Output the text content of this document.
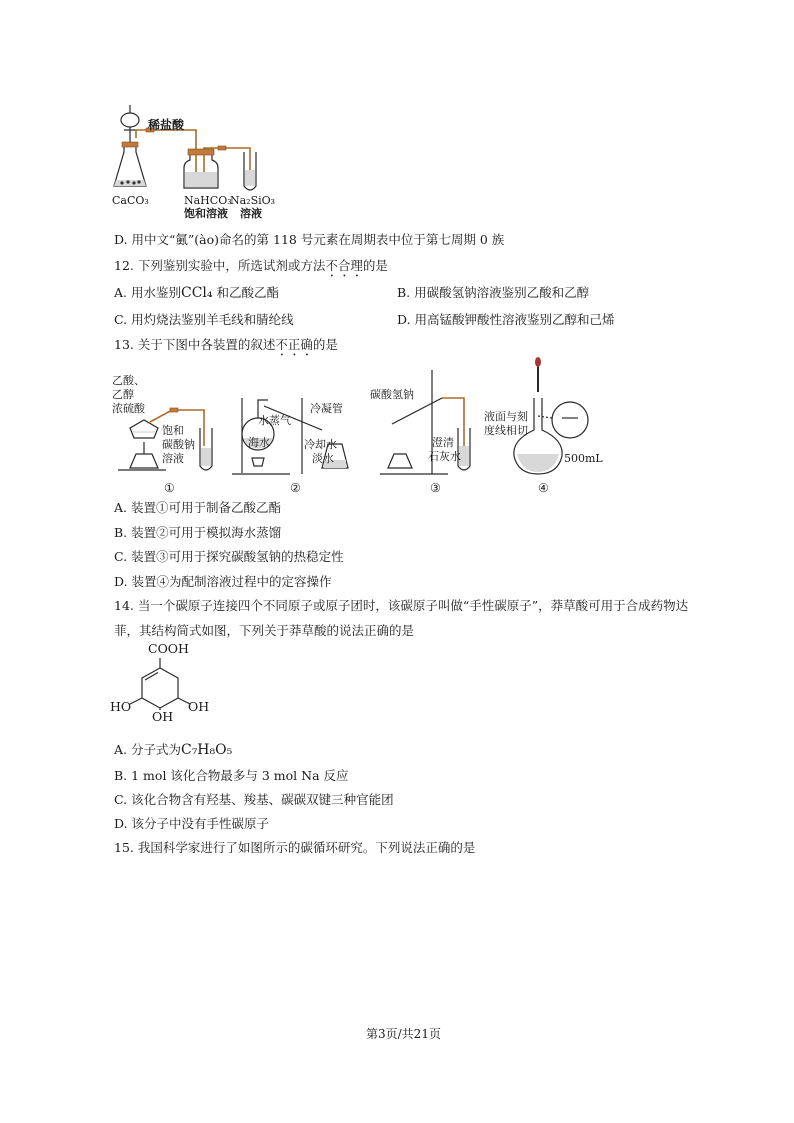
稀盐酸
CaCO₃	NaHCO₃
饱和溶液
Na₂SiO₃
溶液
D. 用中文“鿫”(ào)命名的第 118 号元素在周期表中位于第七周期 0 族
12. 下列鉴别实验中，所选试剂或方法不合理的是
A. 用水鉴别CCl₄ 和乙酸乙酯	B. 用碳酸氢钠溶液鉴别乙酸和乙醇
C. 用灼烧法鉴别羊毛线和腈纶线	D. 用高锰酸钾酸性溶液鉴别乙醇和己烯
13. 关于下图中各装置的叙述不正确的是
乙酸、
乙醇
浓硫酸
饱和
碳酸钠
溶液
水蒸气
海水
冷凝管
冷却水
淡水
碳酸氢钠
澄清
石灰水
液面与刻
度线相切
500mL
①	②	③	④
A. 装置①可用于制备乙酸乙酯
B. 装置②可用于模拟海水蒸馏
C. 装置③可用于探究碳酸氢钠的热稳定性
D. 装置④为配制溶液过程中的定容操作
14. 当一个碳原子连接四个不同原子或原子团时，该碳原子叫做“手性碳原子”，莽草酸可用于合成药物达
菲，其结构简式如图，下列关于莽草酸的说法正确的是
COOH
HO
OH
OH
A. 分子式为C₇H₈O₅
B. 1 mol 该化合物最多与 3 mol Na 反应
C. 该化合物含有羟基、羧基、碳碳双键三种官能团
D. 该分子中没有手性碳原子
15. 我国科学家进行了如图所示的碳循环研究。下列说法正确的是
第3页/共21页
